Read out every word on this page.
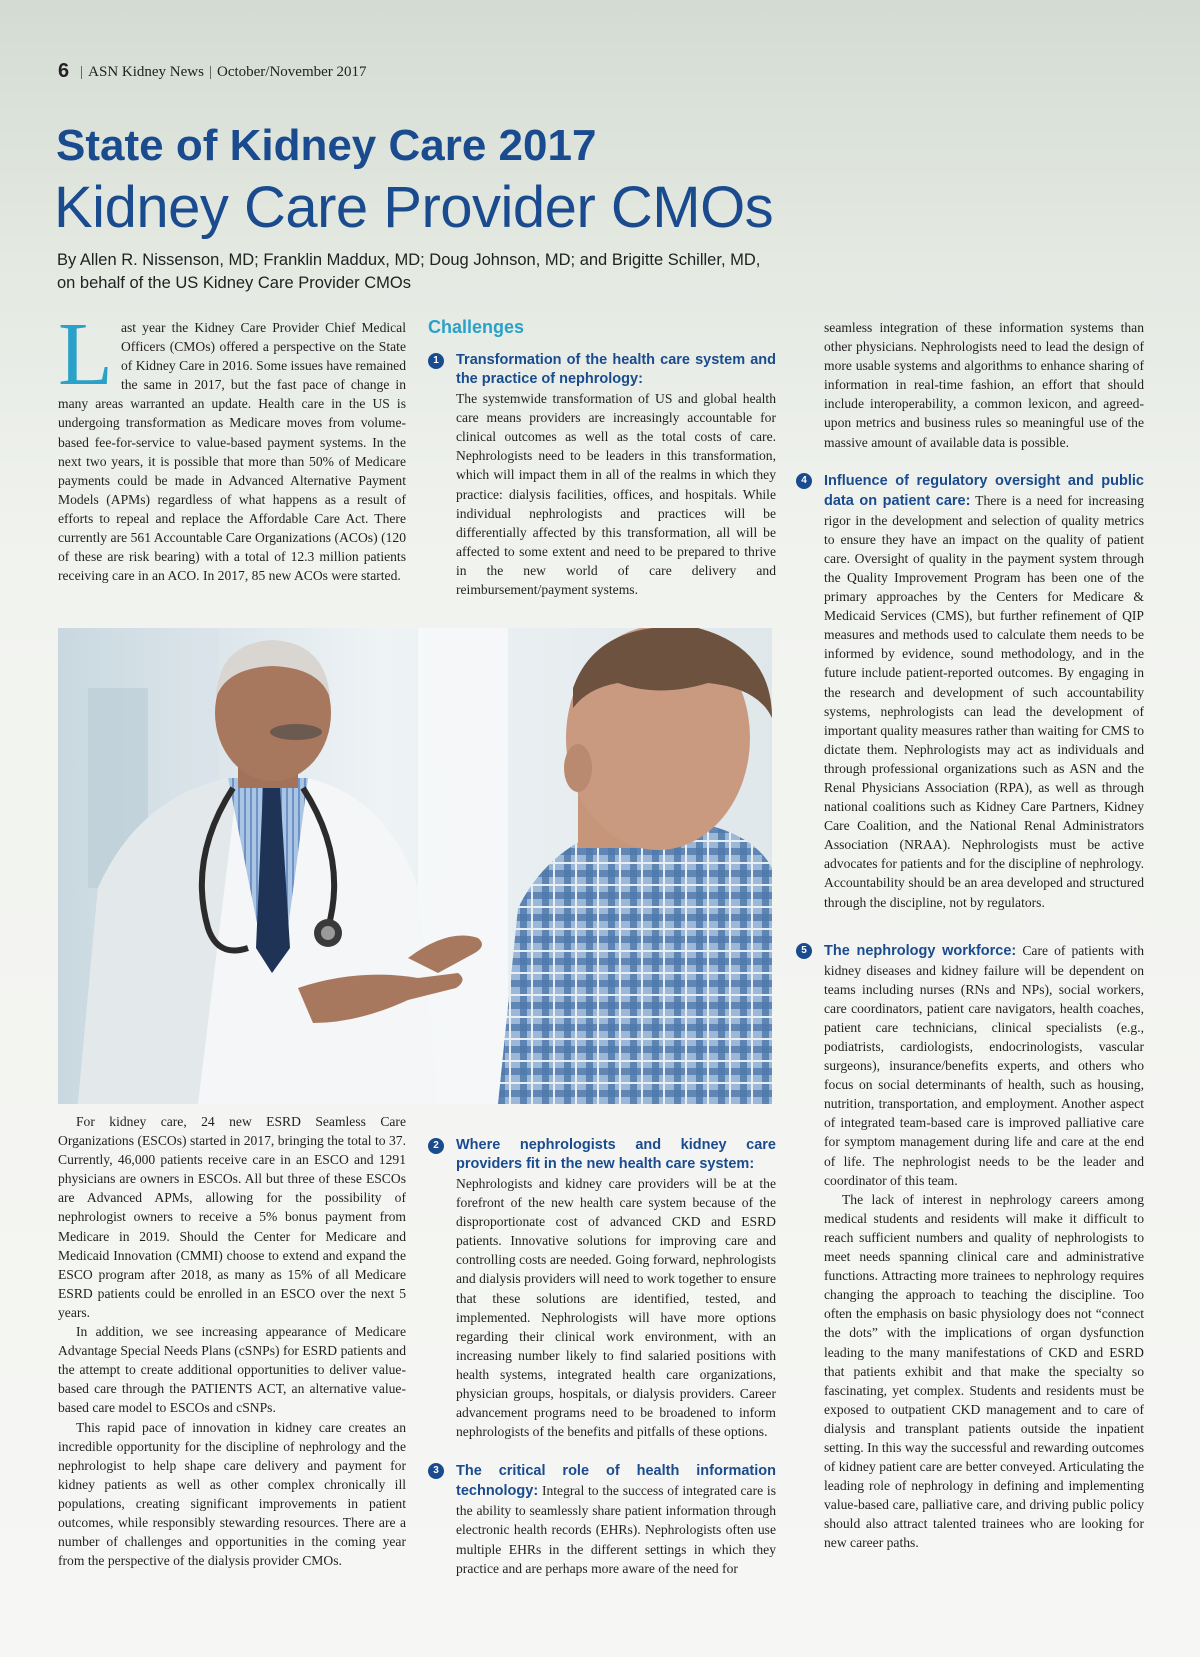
6 | ASN Kidney News | October/November 2017
State of Kidney Care 2017
Kidney Care Provider CMOs
By Allen R. Nissenson, MD; Franklin Maddux, MD; Doug Johnson, MD; and Brigitte Schiller, MD,
on behalf of the US Kidney Care Provider CMOs

Last year the Kidney Care Provider Chief Medical Officers (CMOs) offered a perspective on the State of Kidney Care in 2016. Some issues have remained the same in 2017, but the fast pace of change in many areas warranted an update. Health care in the US is undergoing transformation as Medicare moves from volume-based fee-for-service to value-based payment systems. In the next two years, it is possible that more than 50% of Medicare payments could be made in Advanced Alternative Payment Models (APMs) regardless of what happens as a result of efforts to repeal and replace the Affordable Care Act. There currently are 561 Accountable Care Organizations (ACOs) (120 of these are risk bearing) with a total of 12.3 million patients receiving care in an ACO. In 2017, 85 new ACOs were started.

Challenges
1	Transformation of the health care system and the practice of nephrology:
The systemwide transformation of US and global health care means providers are increasingly accountable for clinical outcomes as well as the total costs of care. Nephrologists need to be leaders in this transformation, which will impact them in all of the realms in which they practice: dialysis facilities, offices, and hospitals. While individual nephrologists and practices will be differentially affected by this transformation, all will be affected to some extent and need to be prepared to thrive in the new world of care delivery and reimbursement/payment systems.

For kidney care, 24 new ESRD Seamless Care Organizations (ESCOs) started in 2017, bringing the total to 37. Currently, 46,000 patients receive care in an ESCO and 1291 physicians are owners in ESCOs. All but three of these ESCOs are Advanced APMs, allowing for the possibility of nephrologist owners to receive a 5% bonus payment from Medicare in 2019. Should the Center for Medicare and Medicaid Innovation (CMMI) choose to extend and expand the ESCO program after 2018, as many as 15% of all Medicare ESRD patients could be enrolled in an ESCO over the next 5 years.

In addition, we see increasing appearance of Medicare Advantage Special Needs Plans (cSNPs) for ESRD patients and the attempt to create additional opportunities to deliver value-based care through the PATIENTS ACT, an alternative value-based care model to ESCOs and cSNPs.

This rapid pace of innovation in kidney care creates an incredible opportunity for the discipline of nephrology and the nephrologist to help shape care delivery and payment for kidney patients as well as other complex chronically ill populations, creating significant improvements in patient outcomes, while responsibly stewarding resources. There are a number of challenges and opportunities in the coming year from the perspective of the dialysis provider CMOs.

2	Where nephrologists and kidney care providers fit in the new health care system:
Nephrologists and kidney care providers will be at the forefront of the new health care system because of the disproportionate cost of advanced CKD and ESRD patients. Innovative solutions for improving care and controlling costs are needed. Going forward, nephrologists and dialysis providers will need to work together to ensure that these solutions are identified, tested, and implemented. Nephrologists will have more options regarding their clinical work environment, with an increasing number likely to find salaried positions with health systems, integrated health care organizations, physician groups, hospitals, or dialysis providers. Career advancement programs need to be broadened to inform nephrologists of the benefits and pitfalls of these options.
3	The critical role of health information technology: Integral to the success of integrated care is the ability to seamlessly share patient information through electronic health records (EHRs). Nephrologists often use multiple EHRs in the different settings in which they practice and are perhaps more aware of the need for
seamless integration of these information systems than other physicians. Nephrologists need to lead the design of more usable systems and algorithms to enhance sharing of information in real-time fashion, an effort that should include interoperability, a common lexicon, and agreed-upon metrics and business rules so meaningful use of the massive amount of available data is possible.
4	Influence of regulatory oversight and public data on patient care: There is a need for increasing rigor in the development and selection of quality metrics to ensure they have an impact on the quality of patient care. Oversight of quality in the payment system through the Quality Improvement Program has been one of the primary approaches by the Centers for Medicare & Medicaid Services (CMS), but further refinement of QIP measures and methods used to calculate them needs to be informed by evidence, sound methodology, and in the future include patient-reported outcomes. By engaging in the research and development of such accountability systems, nephrologists can lead the development of important quality measures rather than waiting for CMS to dictate them. Nephrologists may act as individuals and through professional organizations such as ASN and the Renal Physicians Association (RPA), as well as through national coalitions such as Kidney Care Partners, Kidney Care Coalition, and the National Renal Administrators Association (NRAA). Nephrologists must be active advocates for patients and for the discipline of nephrology. Accountability should be an area developed and structured through the discipline, not by regulators.
5	The nephrology workforce: Care of patients with kidney diseases and kidney failure will be dependent on teams including nurses (RNs and NPs), social workers, care coordinators, patient care navigators, health coaches, patient care technicians, clinical specialists (e.g., podiatrists, cardiologists, endocrinologists, vascular surgeons), insurance/benefits experts, and others who focus on social determinants of health, such as housing, nutrition, transportation, and employment. Another aspect of integrated team-based care is improved palliative care for symptom management during life and care at the end of life. The nephrologist needs to be the leader and coordinator of this team.

The lack of interest in nephrology careers among medical students and residents will make it difficult to reach sufficient numbers and quality of nephrologists to meet needs spanning clinical care and administrative functions. Attracting more trainees to nephrology requires changing the approach to teaching the discipline. Too often the emphasis on basic physiology does not “connect the dots” with the implications of organ dysfunction leading to the many manifestations of CKD and ESRD that patients exhibit and that make the specialty so fascinating, yet complex. Students and residents must be exposed to outpatient CKD management and to care of dialysis and transplant patients outside the inpatient setting. In this way the successful and rewarding outcomes of kidney patient care are better conveyed. Articulating the leading role of nephrology in defining and implementing value-based care, palliative care, and driving public policy should also attract talented trainees who are looking for new career paths.
